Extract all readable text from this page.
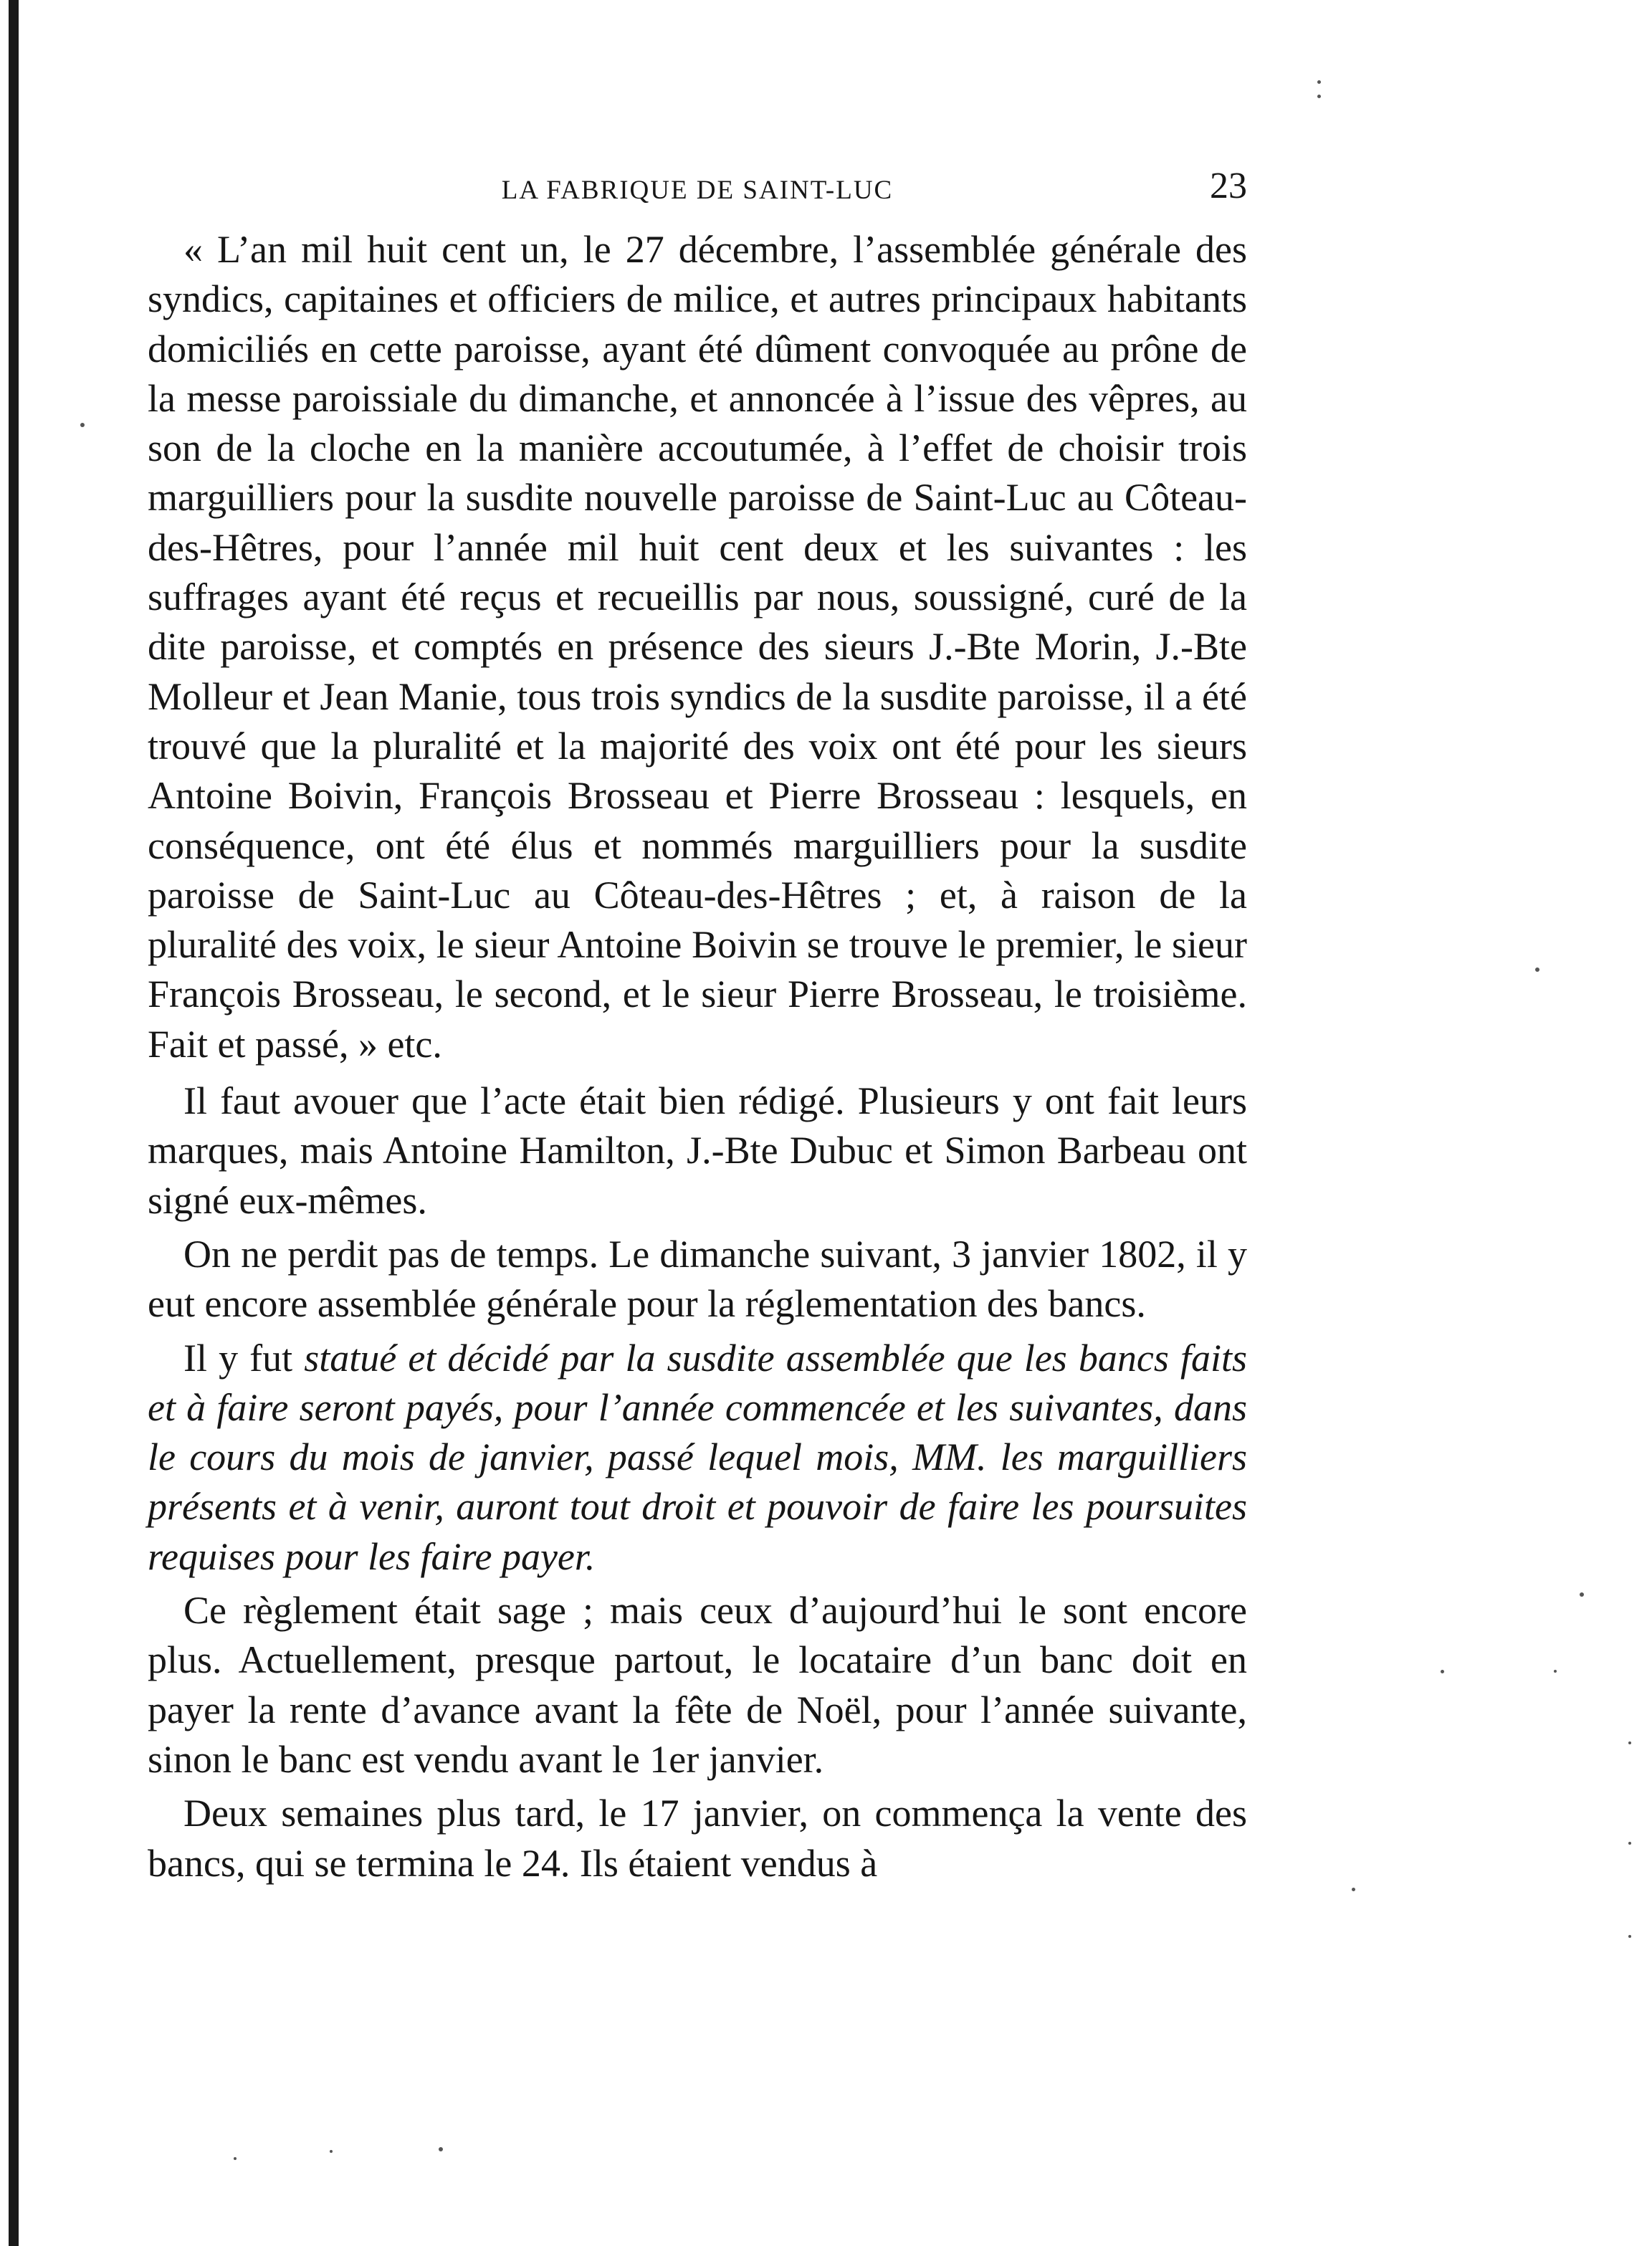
LA FABRIQUE DE SAINT-LUC	23

« L’an mil huit cent un, le 27 décembre, l’assemblée générale des syndics, capitaines et officiers de milice, et autres principaux habitants domiciliés en cette paroisse, ayant été dûment convoquée au prône de la messe paroissiale du dimanche, et annoncée à l’issue des vêpres, au son de la cloche en la manière accoutumée, à l’effet de choisir trois marguilliers pour la susdite nouvelle paroisse de Saint-Luc au Côteau-des-Hêtres, pour l’année mil huit cent deux et les suivantes : les suffrages ayant été reçus et recueillis par nous, soussigné, curé de la dite paroisse, et comptés en présence des sieurs J.-Bte Morin, J.-Bte Molleur et Jean Manie, tous trois syndics de la susdite paroisse, il a été trouvé que la pluralité et la majorité des voix ont été pour les sieurs Antoine Boivin, François Brosseau et Pierre Brosseau : lesquels, en conséquence, ont été élus et nommés marguilliers pour la susdite paroisse de Saint-Luc au Côteau-des-Hêtres ; et, à raison de la pluralité des voix, le sieur Antoine Boivin se trouve le premier, le sieur François Brosseau, le second, et le sieur Pierre Brosseau, le troisième. Fait et passé, » etc.

Il faut avouer que l’acte était bien rédigé. Plusieurs y ont fait leurs marques, mais Antoine Hamilton, J.-Bte Dubuc et Simon Barbeau ont signé eux-mêmes.

On ne perdit pas de temps. Le dimanche suivant, 3 janvier 1802, il y eut encore assemblée générale pour la réglementation des bancs.

Il y fut statué et décidé par la susdite assemblée que les bancs faits et à faire seront payés, pour l’année commencée et les suivantes, dans le cours du mois de janvier, passé lequel mois, MM. les marguilliers présents et à venir, auront tout droit et pouvoir de faire les poursuites requises pour les faire payer.

Ce règlement était sage ; mais ceux d’aujourd’hui le sont encore plus. Actuellement, presque partout, le locataire d’un banc doit en payer la rente d’avance avant la fête de Noël, pour l’année suivante, sinon le banc est vendu avant le 1er janvier.

Deux semaines plus tard, le 17 janvier, on commença la vente des bancs, qui se termina le 24. Ils étaient vendus à
